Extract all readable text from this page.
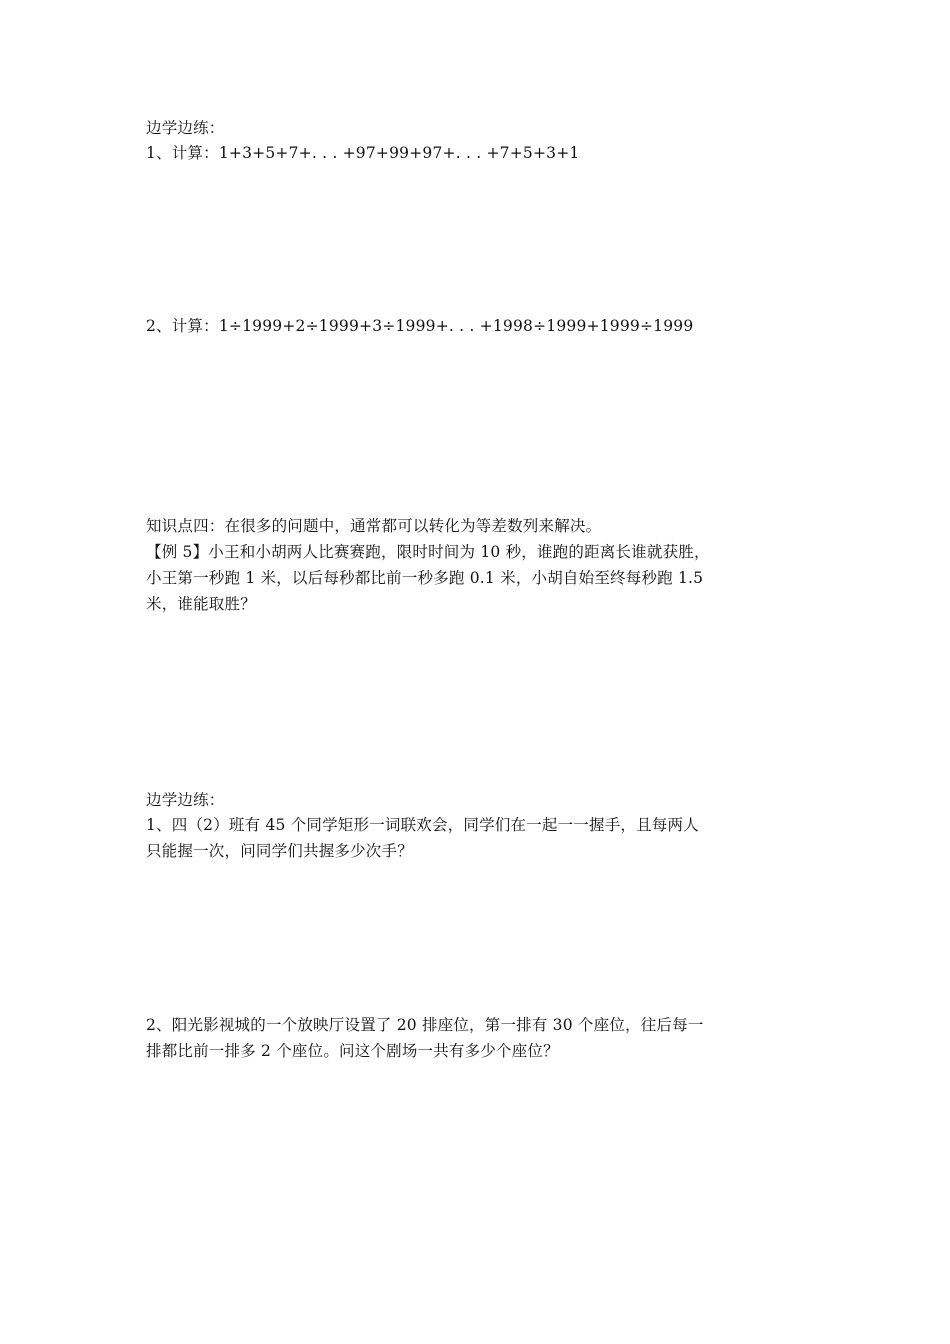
边学边练：
1、计算：1+3+5+7+. . . +97+99+97+. . . +7+5+3+1
2、计算：1÷1999+2÷1999+3÷1999+. . . +1998÷1999+1999÷1999
知识点四：在很多的问题中，通常都可以转化为等差数列来解决。
【例 5】小王和小胡两人比赛赛跑，限时时间为 10 秒，谁跑的距离长谁就获胜，
小王第一秒跑 1 米，以后每秒都比前一秒多跑 0.1 米，小胡自始至终每秒跑 1.5
米，谁能取胜？
边学边练：
1、四（2）班有 45 个同学矩形一词联欢会，同学们在一起一一握手，且每两人
只能握一次，问同学们共握多少次手？
2、阳光影视城的一个放映厅设置了 20 排座位，第一排有 30 个座位，往后每一
排都比前一排多 2 个座位。问这个剧场一共有多少个座位？
